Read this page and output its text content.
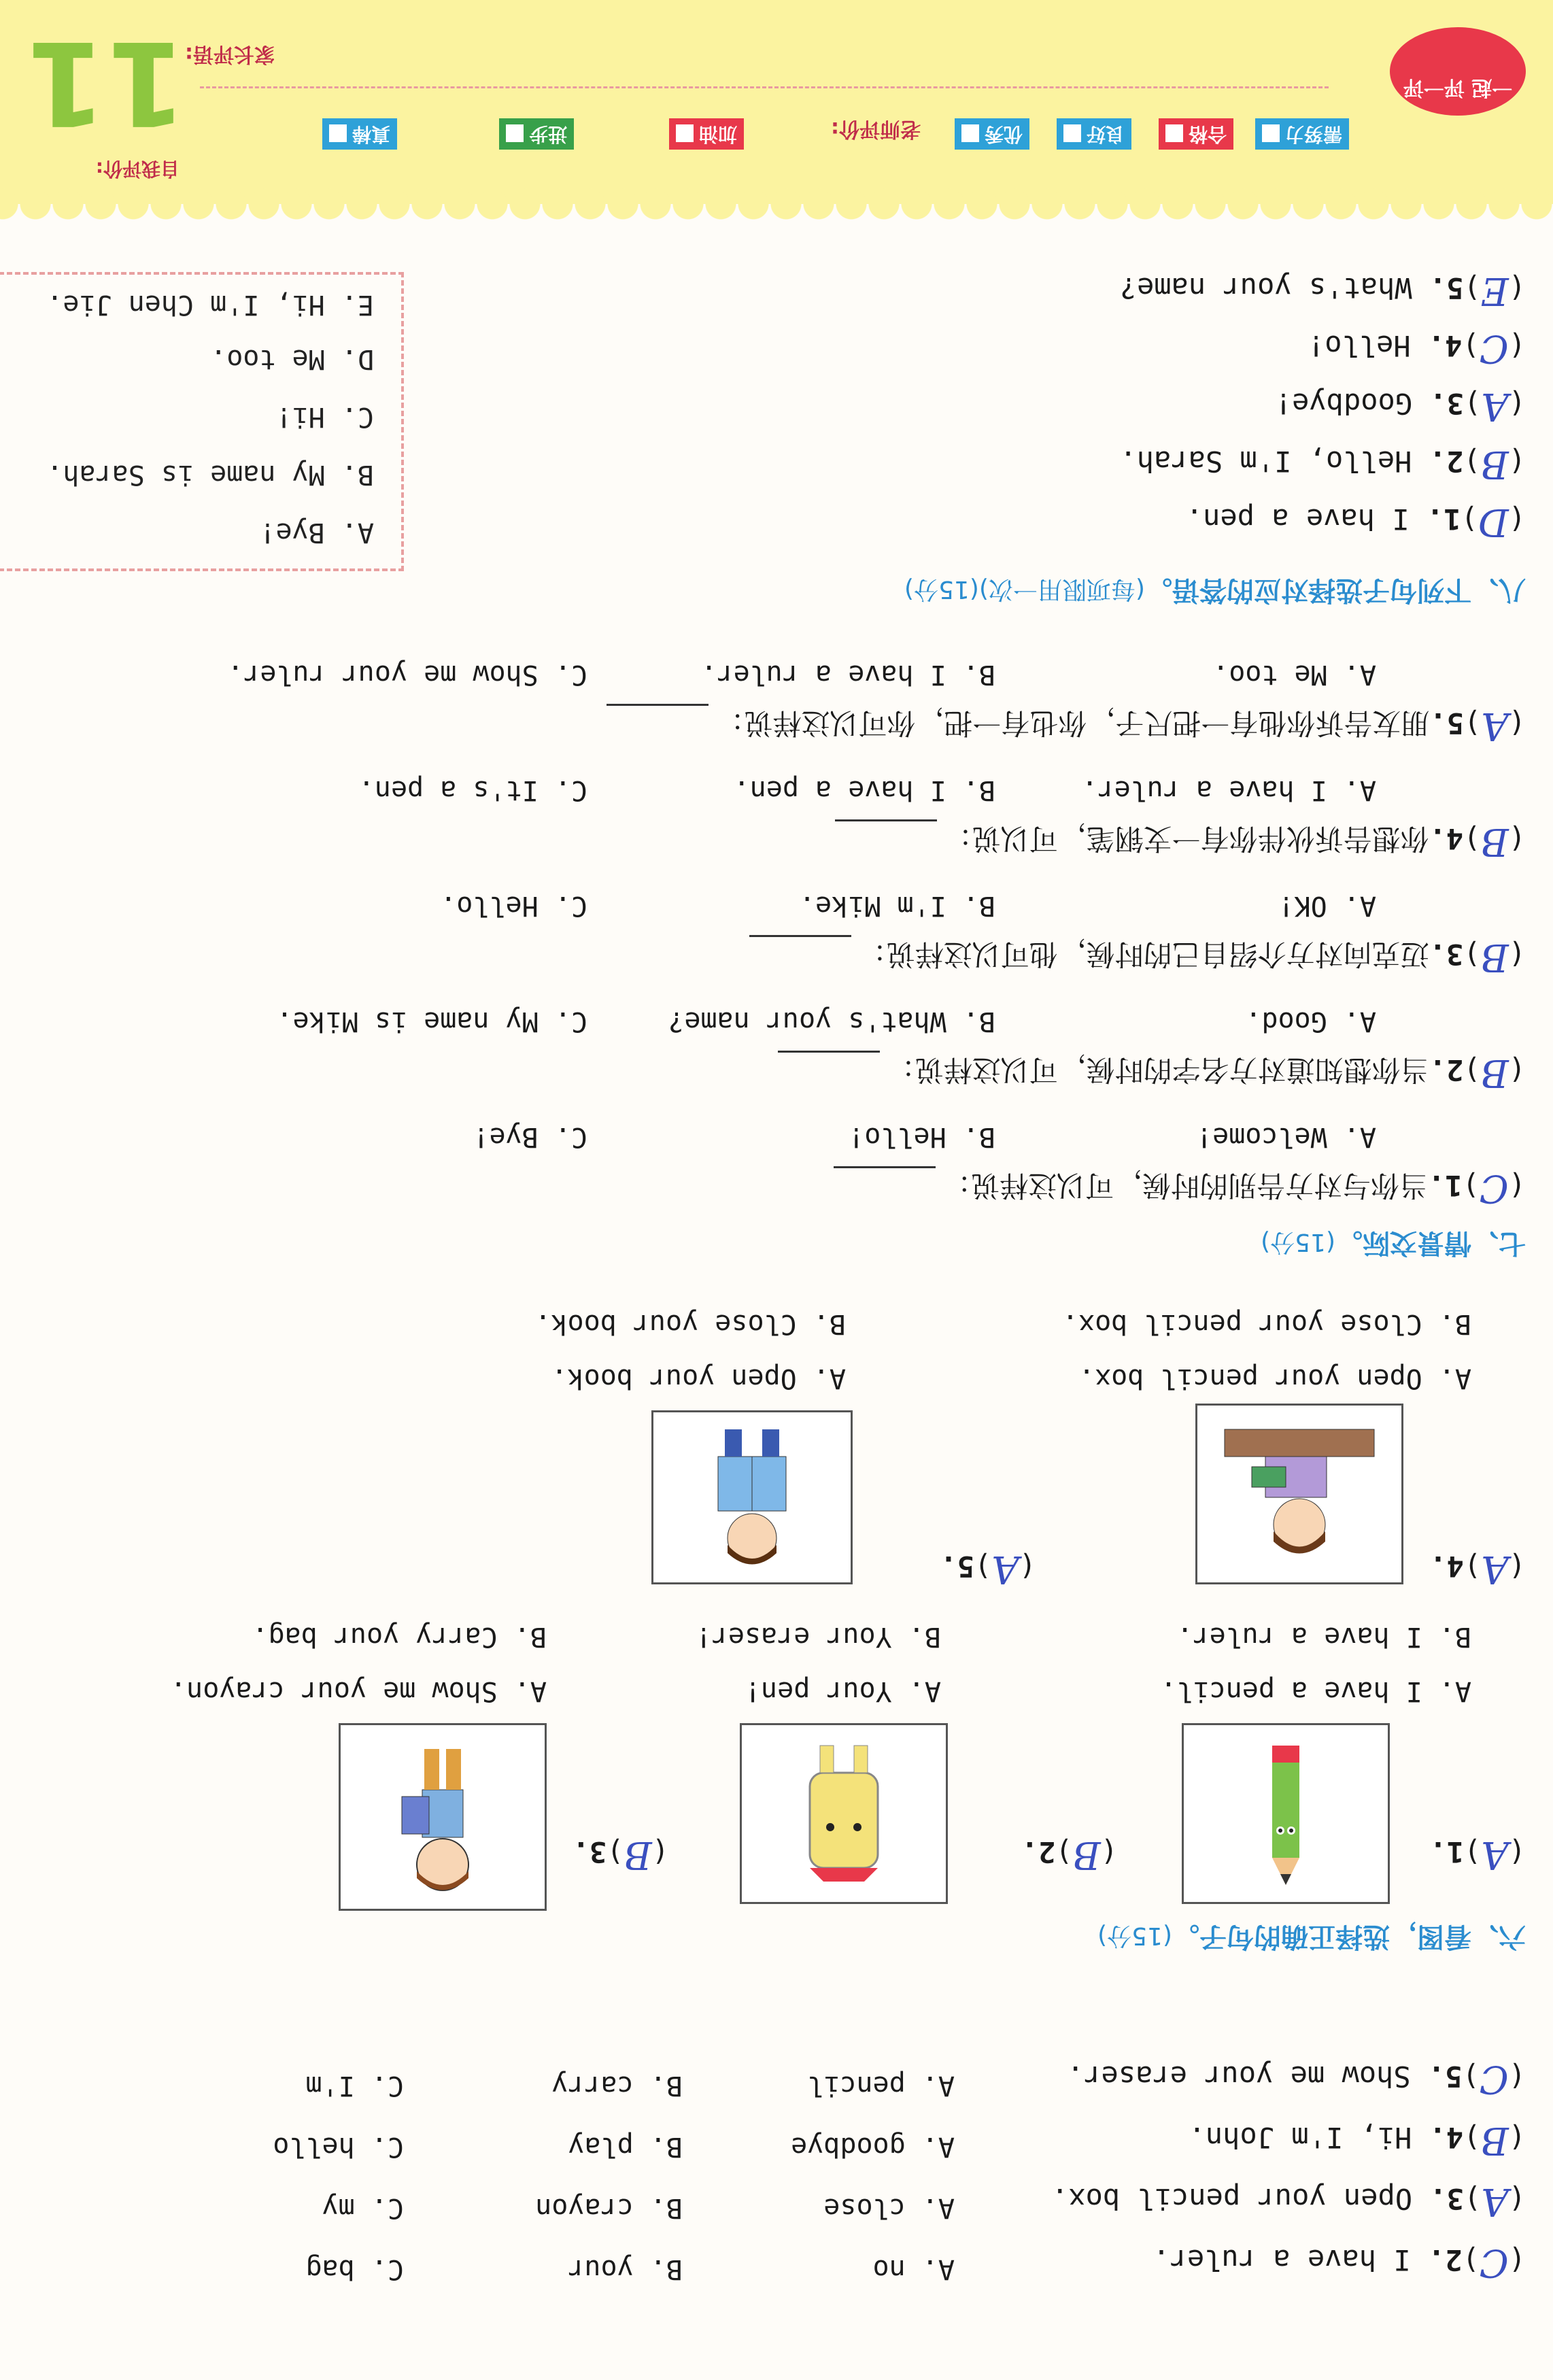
11	一起 评一评
家长评语:
自我评价:
真棒	进步	加油	老师评价:	优秀	良好	合格	需努力
八、下列句子选择对应的答语。(每项限用一次)(15分)
(D)1. I have a pen.
(B)2. Hello, I'm Sarah.
(A)3. Goodbye!
(C)4. Hello!
(E)5. What's your name?
A. Bye!
B. My name is Sarah.
C. Hi!
D. Me too.
E. Hi, I'm Chen Jie.
七、情景交际。(15分)
(C)1.当你与对方告别的时候，可以这样说：
A. Welcome!
B. Hello!
C. Bye!
(B)2.当你想知道对方名字的时候，可以这样说：
A. Good.
B. What's your name?
C. My name is Mike.
(B)3.迈克向对方介绍自己的时候，他可以这样说：
A. OK!
B. I'm Mike.
C. Hello.
(B)4.你想告诉伙伴你有一支钢笔，可以说：
A. I have a ruler.
B. I have a pen.
C. It's a pen.
(A)5.朋友告诉你他有一把尺子，你也有一把，你可以这样说：
A. Me too.
B. I have a ruler.
C. Show me your ruler.
六、看图，选择正确的句子。(15分)
(A)1.
(B)2.
(B)3.
A. I have a pencil.
B. I have a ruler.
A. Your pen!
B. Your eraser!
A. Show me your crayon.
B. Carry your bag.
(A)4.
(A)5.
A. Open your pencil box.
B. Close your pencil box.
A. Open your book.
B. Close your book.
(C)2. I have a ruler.
A. no
B. your
C. bag
(A)3. Open your pencil box.
A. close
B. crayon
C. my
(B)4. Hi, I'm John.
A. goodbye
B. play
C. hello
(C)5. Show me your eraser.
A. pencil
B. carry
C. I'm
